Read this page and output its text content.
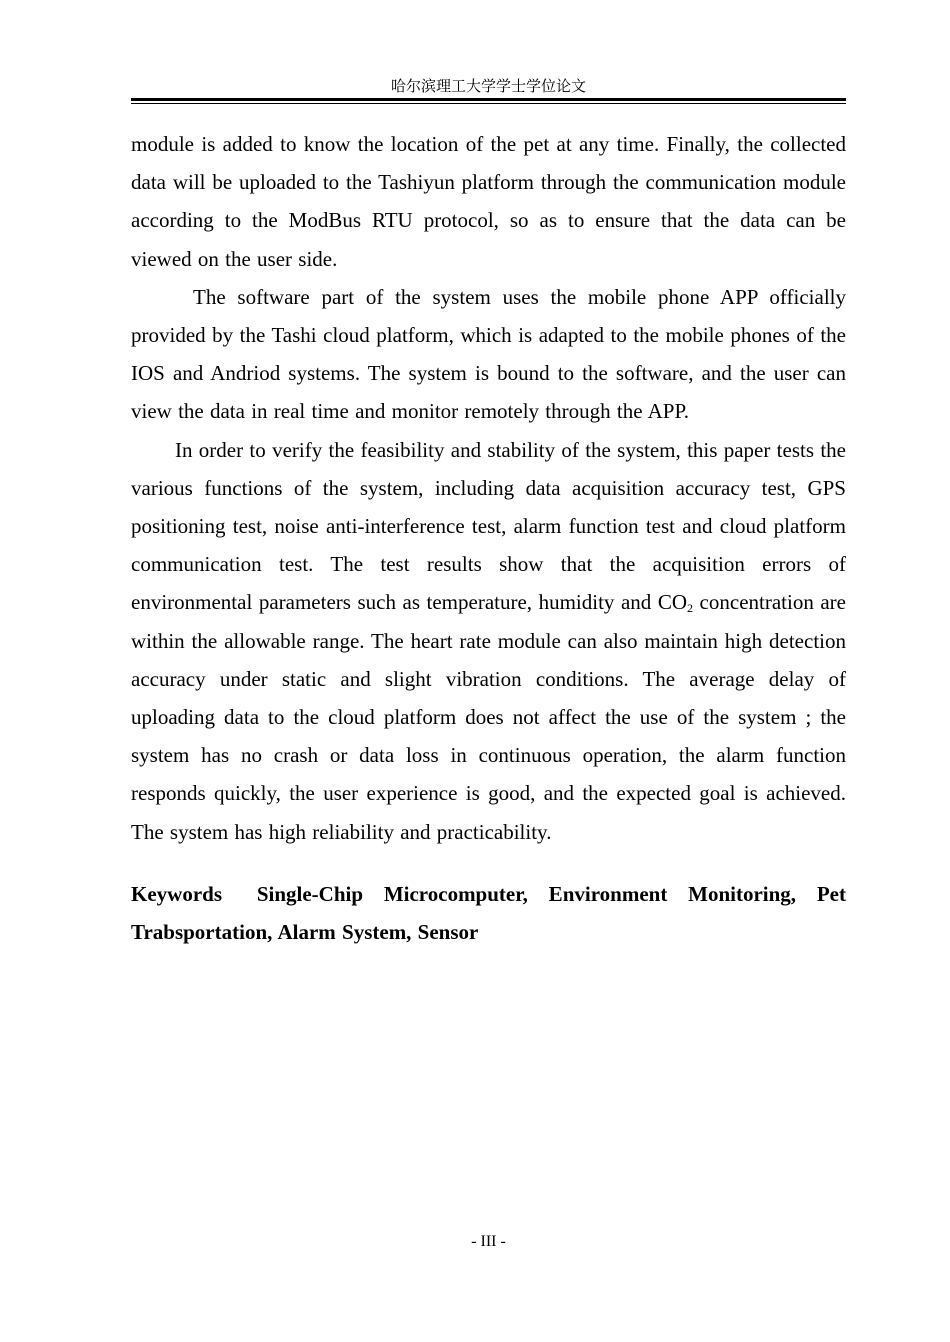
哈尔滨理工大学学士学位论文

module is added to know the location of the pet at any time. Finally, the collected data will be uploaded to the Tashiyun platform through the communication module according to the ModBus RTU protocol, so as to ensure that the data can be viewed on the user side.

The software part of the system uses the mobile phone APP officially provided by the Tashi cloud platform, which is adapted to the mobile phones of the IOS and Andriod systems. The system is bound to the software, and the user can view the data in real time and monitor remotely through the APP.

In order to verify the feasibility and stability of the system, this paper tests the various functions of the system, including data acquisition accuracy test, GPS positioning test, noise anti-interference test, alarm function test and cloud platform communication test. The test results show that the acquisition errors of environmental parameters such as temperature, humidity and $CO_2$ concentration are within the allowable range. The heart rate module can also maintain high detection accuracy under static and slight vibration conditions. The average delay of uploading data to the cloud platform does not affect the use of the system ; the system has no crash or data loss in continuous operation, the alarm function responds quickly, the user experience is good, and the expected goal is achieved. The system has high reliability and practicability.

Keywords Single-Chip Microcomputer, Environment Monitoring, Pet Trabsportation, Alarm System, Sensor

- III -
